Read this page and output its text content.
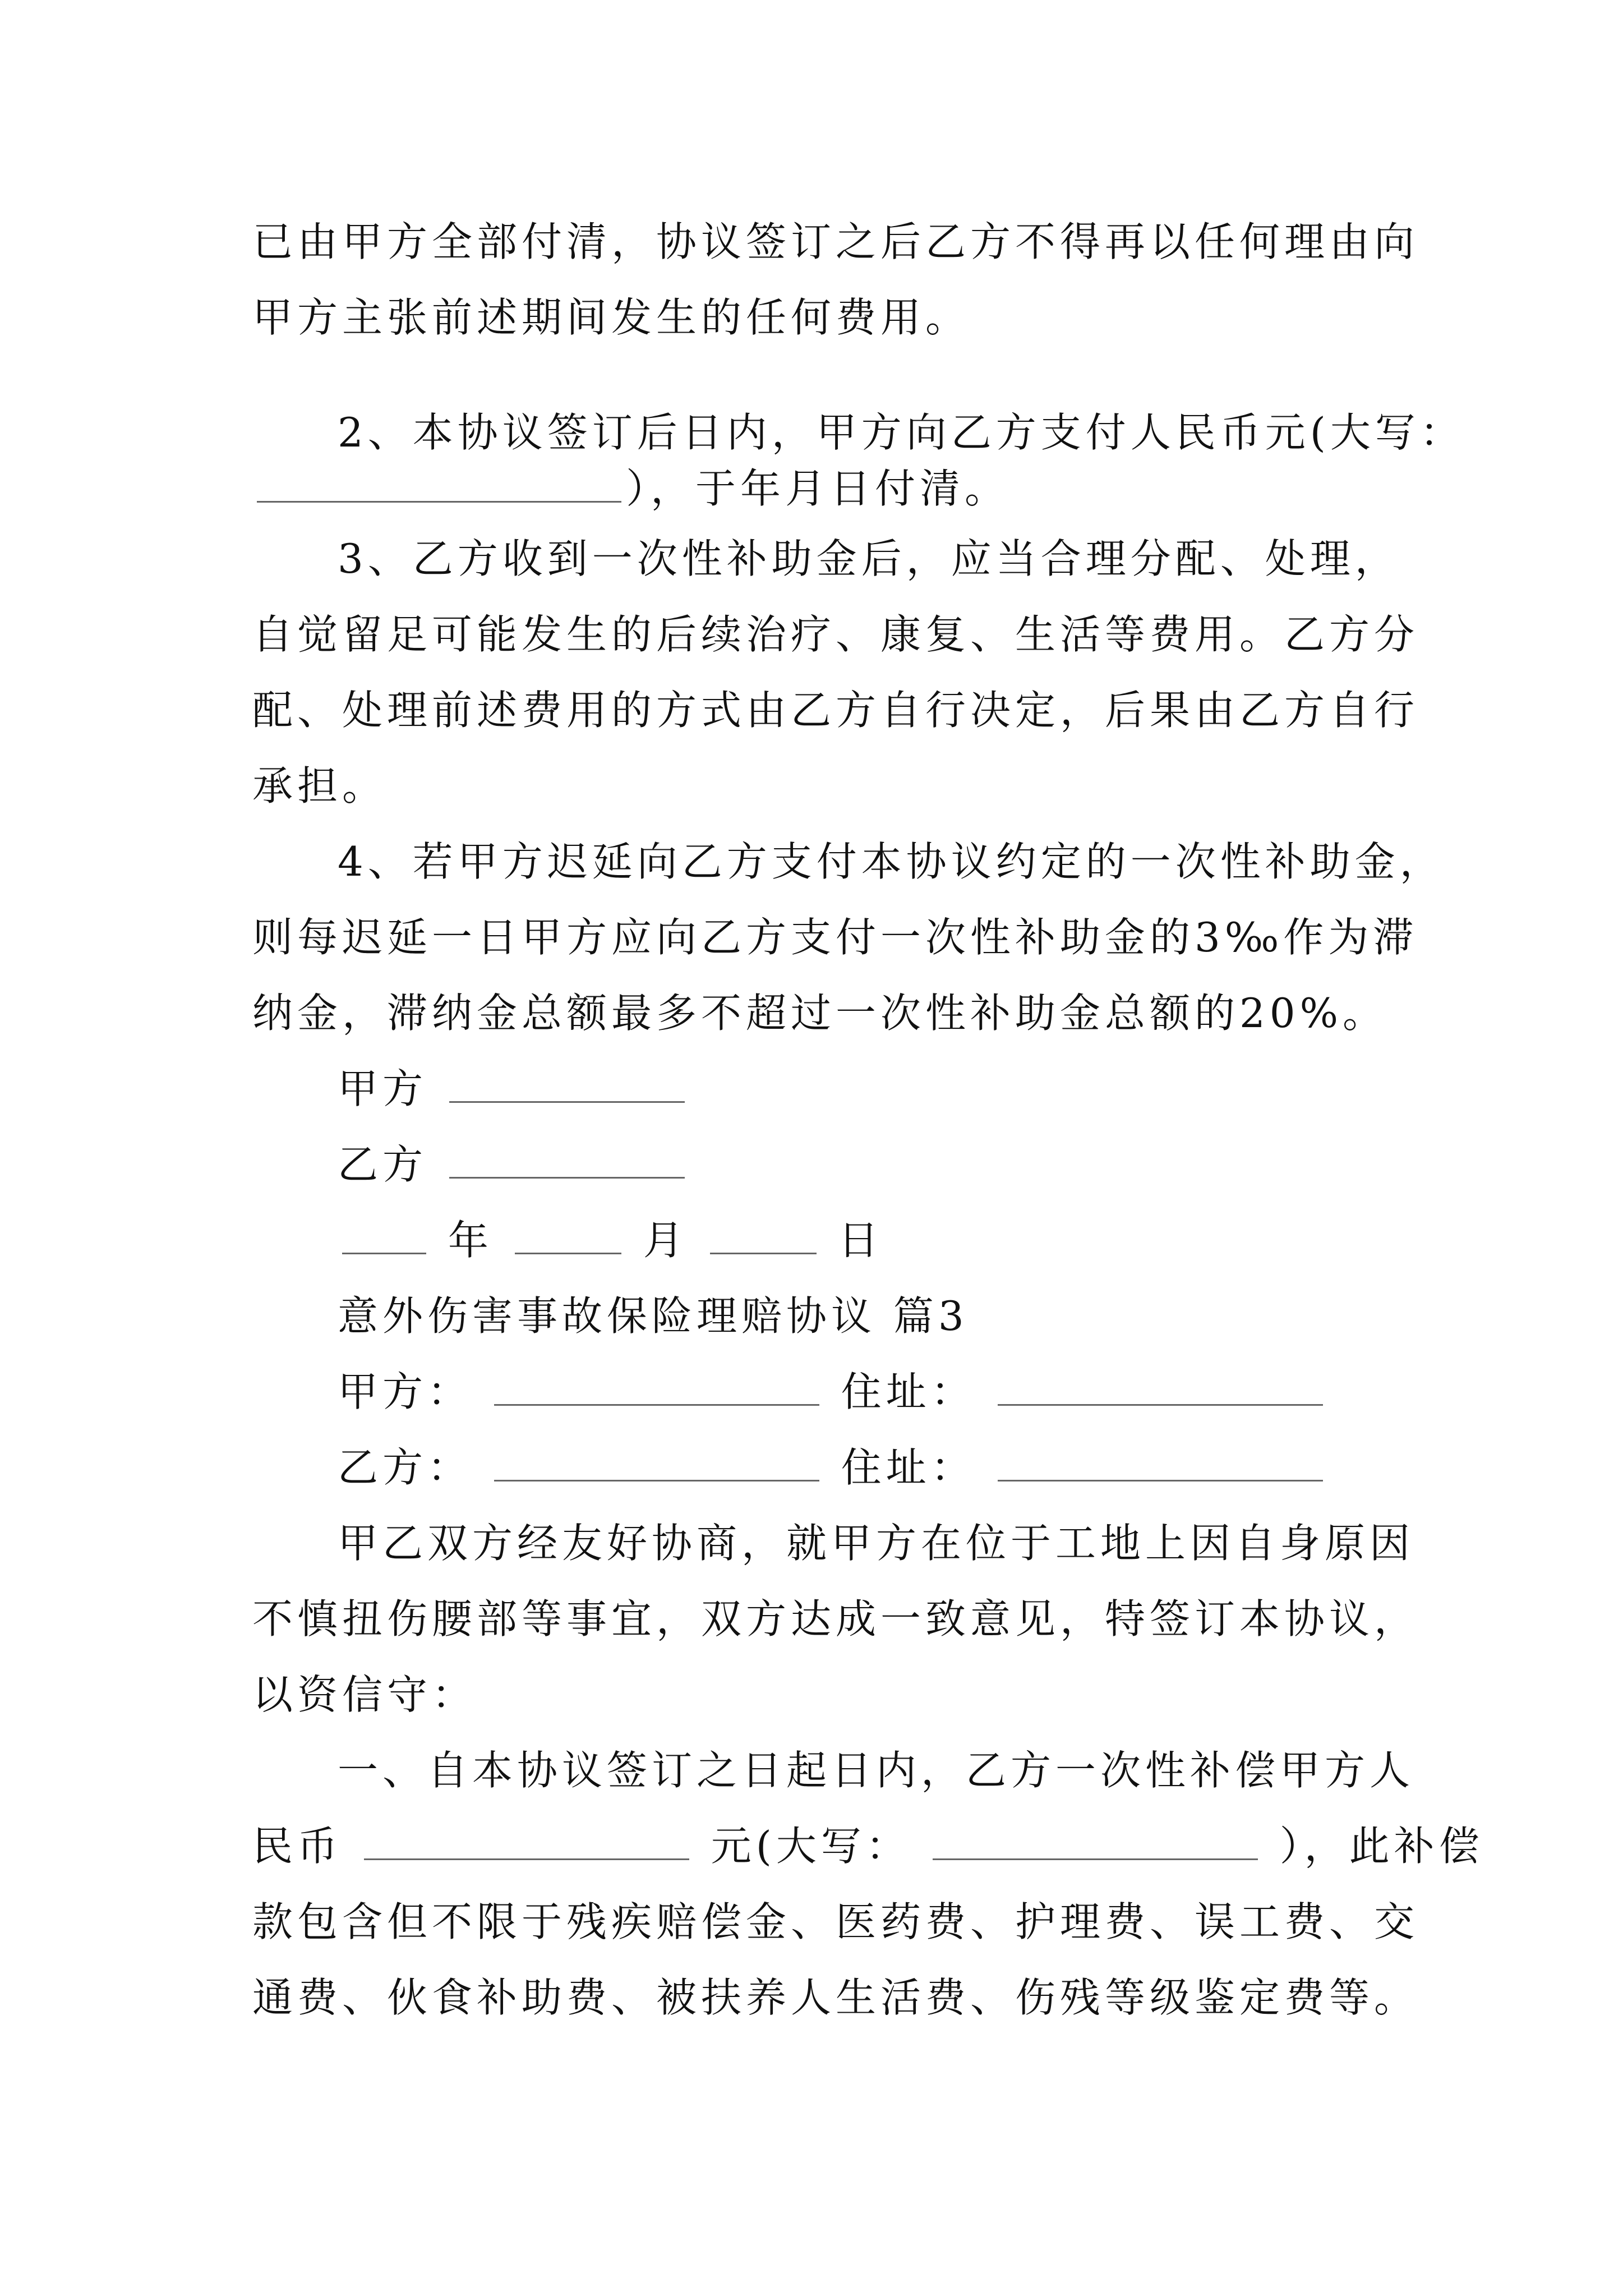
已由甲方全部付清，协议签订之后乙方不得再以任何理由向
甲方主张前述期间发生的任何费用。
2、本协议签订后日内，甲方向乙方支付人民币元(大写：
），于年月日付清。
3、乙方收到一次性补助金后，应当合理分配、处理，
自觉留足可能发生的后续治疗、康复、生活等费用。乙方分
配、处理前述费用的方式由乙方自行决定，后果由乙方自行
承担。
4、若甲方迟延向乙方支付本协议约定的一次性补助金，
则每迟延一日甲方应向乙方支付一次性补助金的3‰作为滞
纳金，滞纳金总额最多不超过一次性补助金总额的20%。
甲方
乙方
年	月	日
意外伤害事故保险理赔协议 篇3
甲方：	住址：
乙方：	住址：
甲乙双方经友好协商，就甲方在位于工地上因自身原因
不慎扭伤腰部等事宜，双方达成一致意见，特签订本协议，
以资信守：
一、自本协议签订之日起日内，乙方一次性补偿甲方人
民币	元(大写：	），此补偿
款包含但不限于残疾赔偿金、医药费、护理费、误工费、交
通费、伙食补助费、被扶养人生活费、伤残等级鉴定费等。
